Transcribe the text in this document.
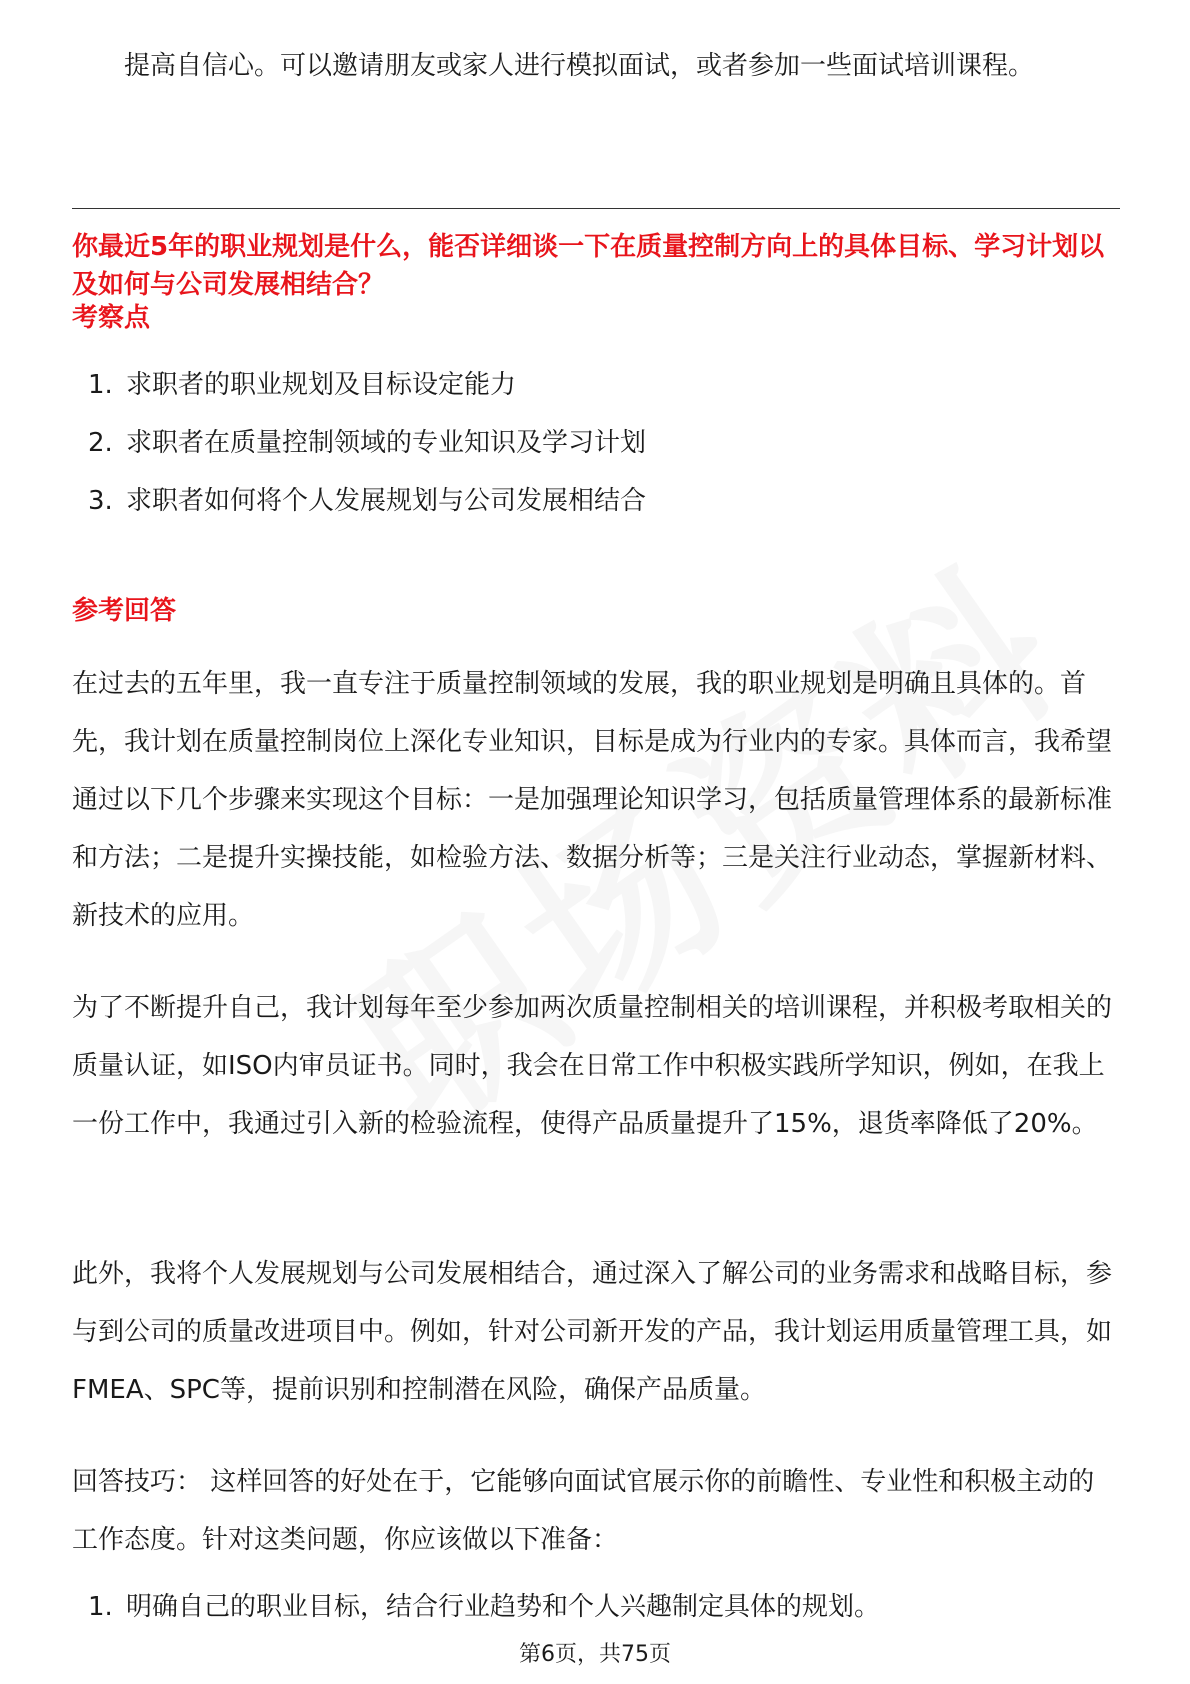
提高自信心。可以邀请朋友或家人进行模拟面试，或者参加一些面试培训课程。
你最近5年的职业规划是什么，能否详细谈一下在质量控制方向上的具体目标、学习计划以及如何与公司发展相结合？
考察点
1. 求职者的职业规划及目标设定能力
2. 求职者在质量控制领域的专业知识及学习计划
3. 求职者如何将个人发展规划与公司发展相结合
参考回答
在过去的五年里，我一直专注于质量控制领域的发展，我的职业规划是明确且具体的。首先，我计划在质量控制岗位上深化专业知识，目标是成为行业内的专家。具体而言，我希望通过以下几个步骤来实现这个目标：一是加强理论知识学习，包括质量管理体系的最新标准和方法；二是提升实操技能，如检验方法、数据分析等；三是关注行业动态，掌握新材料、新技术的应用。
为了不断提升自己，我计划每年至少参加两次质量控制相关的培训课程，并积极考取相关的质量认证，如ISO内审员证书。同时，我会在日常工作中积极实践所学知识，例如，在我上一份工作中，我通过引入新的检验流程，使得产品质量提升了15%，退货率降低了20%。
此外，我将个人发展规划与公司发展相结合，通过深入了解公司的业务需求和战略目标，参与到公司的质量改进项目中。例如，针对公司新开发的产品，我计划运用质量管理工具，如FMEA、SPC等，提前识别和控制潜在风险，确保产品质量。
回答技巧： 这样回答的好处在于，它能够向面试官展示你的前瞻性、专业性和积极主动的工作态度。针对这类问题，你应该做以下准备：
1. 明确自己的职业目标，结合行业趋势和个人兴趣制定具体的规划。
第6页，共75页
